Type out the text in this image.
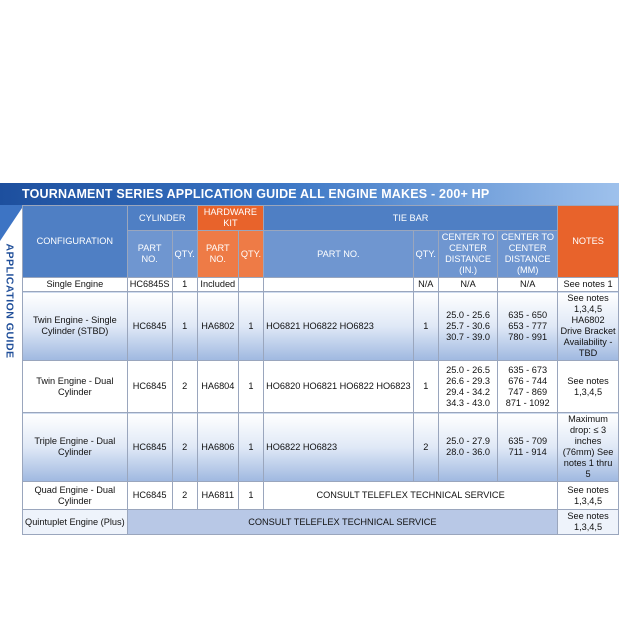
APPLICATION GUIDE
TOURNAMENT SERIES APPLICATION GUIDE ALL ENGINE MAKES - 200+ HP
CONFIGURATION	CYLINDER		HARDWARE KIT		TIE BAR				NOTES
	PART NO.	QTY.	PART NO.	QTY.	PART NO.	QTY.	CENTER TO CENTER DISTANCE (IN.)	CENTER TO CENTER DISTANCE (MM)	
Single Engine	HC6845S	1	Included			N/A	N/A	N/A	See notes 1
Twin Engine - Single Cylinder (STBD)	HC6845	1	HA6802	1	HO6821 HO6822 HO6823	1	25.0 - 25.6 25.7 - 30.6 30.7 - 39.0	635 - 650 653 - 777 780 - 991	See notes 1,3,4,5 HA6802 Drive Bracket Availability - TBD
Twin Engine - Dual Cylinder	HC6845	2	HA6804	1	HO6820 HO6821 HO6822 HO6823	1	25.0 - 26.5 26.6 - 29.3 29.4 - 34.2 34.3 - 43.0	635 - 673 676 - 744 747 - 869 871 - 1092	See notes 1,3,4,5
Triple Engine - Dual Cylinder	HC6845	2	HA6806	1	HO6822 HO6823	2	25.0 - 27.9 28.0 - 36.0	635 - 709 711 - 914	Maximum drop: ≤ 3 inches (76mm) See notes 1 thru 5
Quad Engine - Dual Cylinder	HC6845	2	HA6811	1	CONSULT TELEFLEX TECHNICAL SERVICE				See notes 1,3,4,5
Quintuplet Engine (Plus)	CONSULT TELEFLEX TECHNICAL SERVICE								See notes 1,3,4,5
